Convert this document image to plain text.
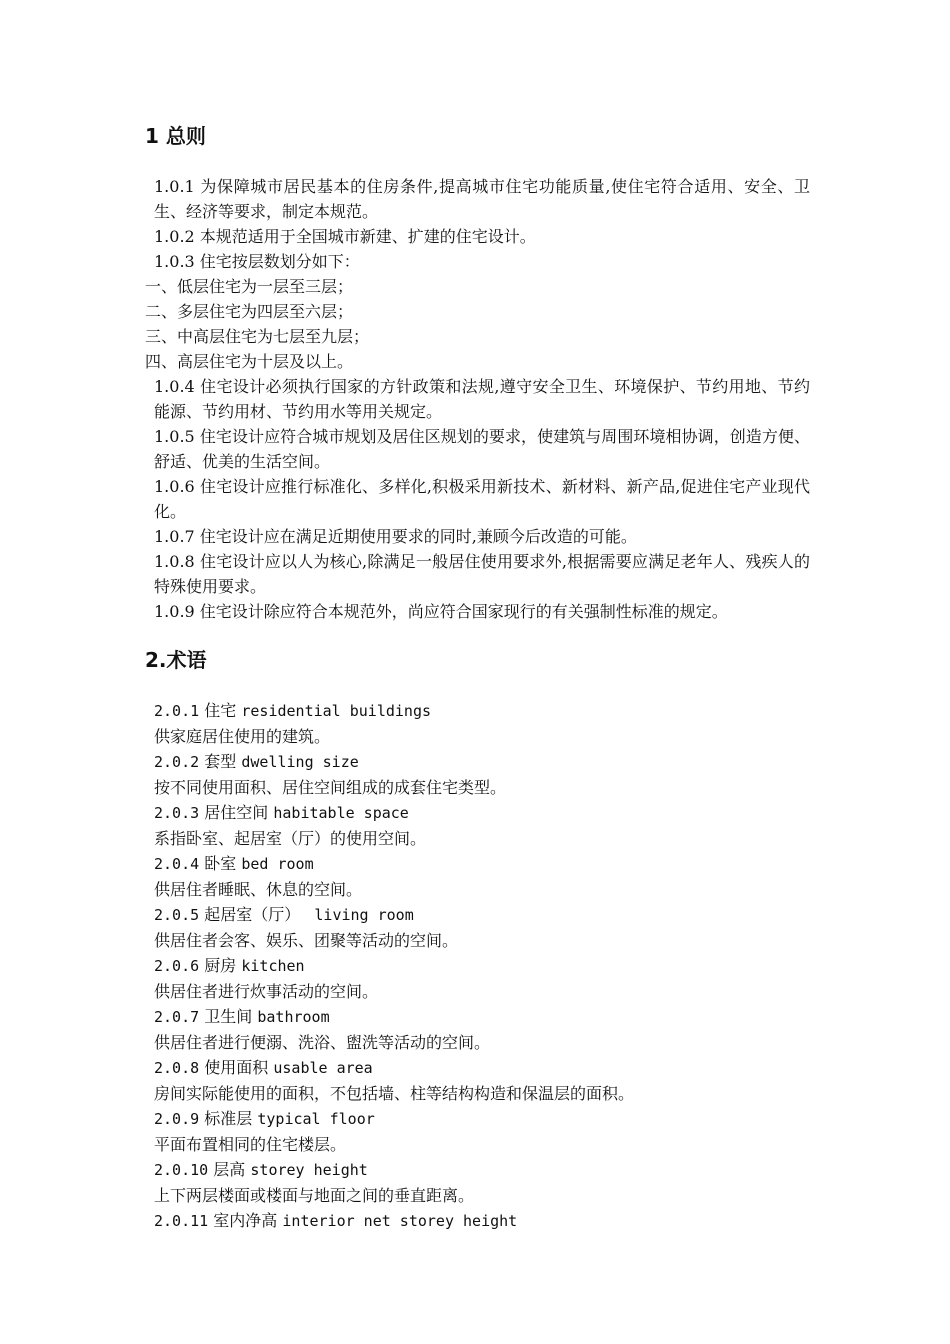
1 总则

1.0.1 为保障城市居民基本的住房条件,提高城市住宅功能质量,使住宅符合适用、安全、卫生、经济等要求，制定本规范。

1.0.2 本规范适用于全国城市新建、扩建的住宅设计。

1.0.3 住宅按层数划分如下：

一、低层住宅为一层至三层；

二、多层住宅为四层至六层；

三、中高层住宅为七层至九层；

四、高层住宅为十层及以上。

1.0.4 住宅设计必须执行国家的方针政策和法规,遵守安全卫生、环境保护、节约用地、节约能源、节约用材、节约用水等用关规定。

1.0.5 住宅设计应符合城市规划及居住区规划的要求，使建筑与周围环境相协调，创造方便、舒适、优美的生活空间。

1.0.6 住宅设计应推行标准化、多样化,积极采用新技术、新材料、新产品,促进住宅产业现代化。

1.0.7 住宅设计应在满足近期使用要求的同时,兼顾今后改造的可能。

1.0.8 住宅设计应以人为核心,除满足一般居住使用要求外,根据需要应满足老年人、残疾人的特殊使用要求。

1.0.9 住宅设计除应符合本规范外，尚应符合国家现行的有关强制性标准的规定。

2.术语

2.0.1 住宅 residential buildings

供家庭居住使用的建筑。

2.0.2 套型 dwelling size

按不同使用面积、居住空间组成的成套住宅类型。

2.0.3 居住空间 habitable space

系指卧室、起居室（厅）的使用空间。

2.0.4 卧室 bed room

供居住者睡眠、休息的空间。

2.0.5 起居室（厅）  living room

供居住者会客、娱乐、团聚等活动的空间。

2.0.6 厨房 kitchen

供居住者进行炊事活动的空间。

2.0.7 卫生间 bathroom

供居住者进行便溺、洗浴、盥洗等活动的空间。

2.0.8 使用面积 usable area

房间实际能使用的面积，不包括墙、柱等结构构造和保温层的面积。

2.0.9 标准层 typical floor

平面布置相同的住宅楼层。

2.0.10 层高 storey height

上下两层楼面或楼面与地面之间的垂直距离。

2.0.11 室内净高 interior net storey height
